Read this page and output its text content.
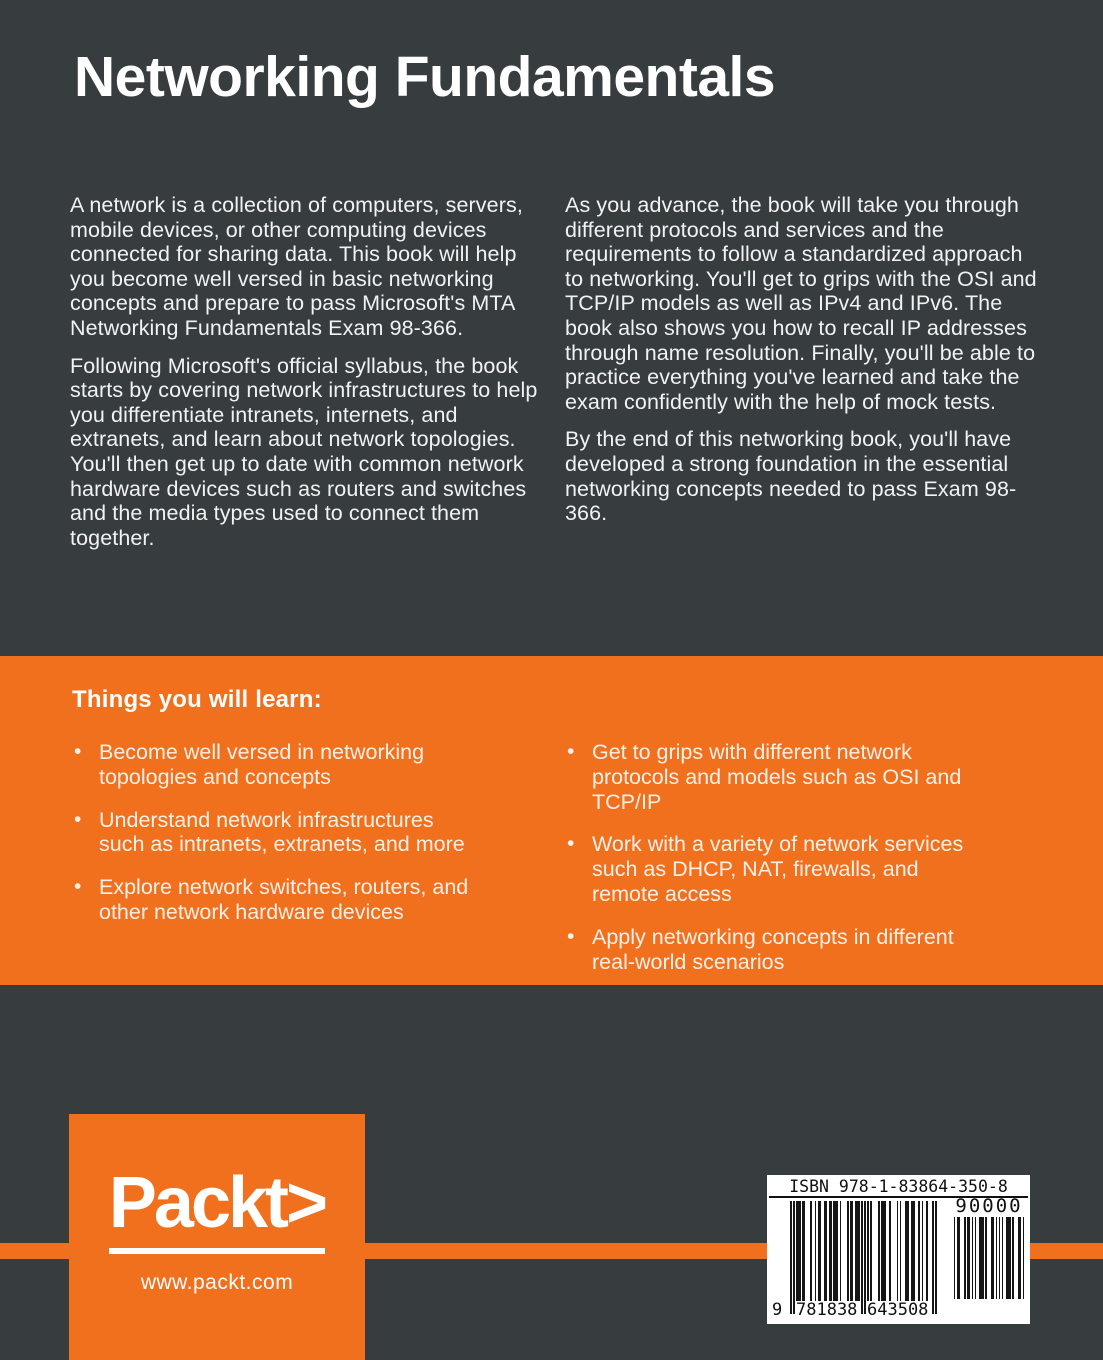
Networking Fundamentals

A network is a collection of computers, servers, mobile devices, or other computing devices connected for sharing data. This book will help you become well versed in basic networking concepts and prepare to pass Microsoft's MTA Networking Fundamentals Exam 98-366.

Following Microsoft's official syllabus, the book starts by covering network infrastructures to help you differentiate intranets, internets, and extranets, and learn about network topologies. You'll then get up to date with common network hardware devices such as routers and switches and the media types used to connect them together.

As you advance, the book will take you through different protocols and services and the requirements to follow a standardized approach to networking. You'll get to grips with the OSI and TCP/IP models as well as IPv4 and IPv6. The book also shows you how to recall IP addresses through name resolution. Finally, you'll be able to practice everything you've learned and take the exam confidently with the help of mock tests.

By the end of this networking book, you'll have developed a strong foundation in the essential networking concepts needed to pass Exam 98-366.

Things you will learn:
•
Become well versed in networking topologies and concepts
•
Understand network infrastructures such as intranets, extranets, and more
•
Explore network switches, routers, and other network hardware devices
•
Get to grips with different network protocols and models such as OSI and TCP/IP
•
Work with a variety of network services such as DHCP, NAT, firewalls, and remote access
•
Apply networking concepts in different real-world scenarios
Packt>
www.packt.com
ISBN 978-1-83864-350-8
9 781838 643508
90000
